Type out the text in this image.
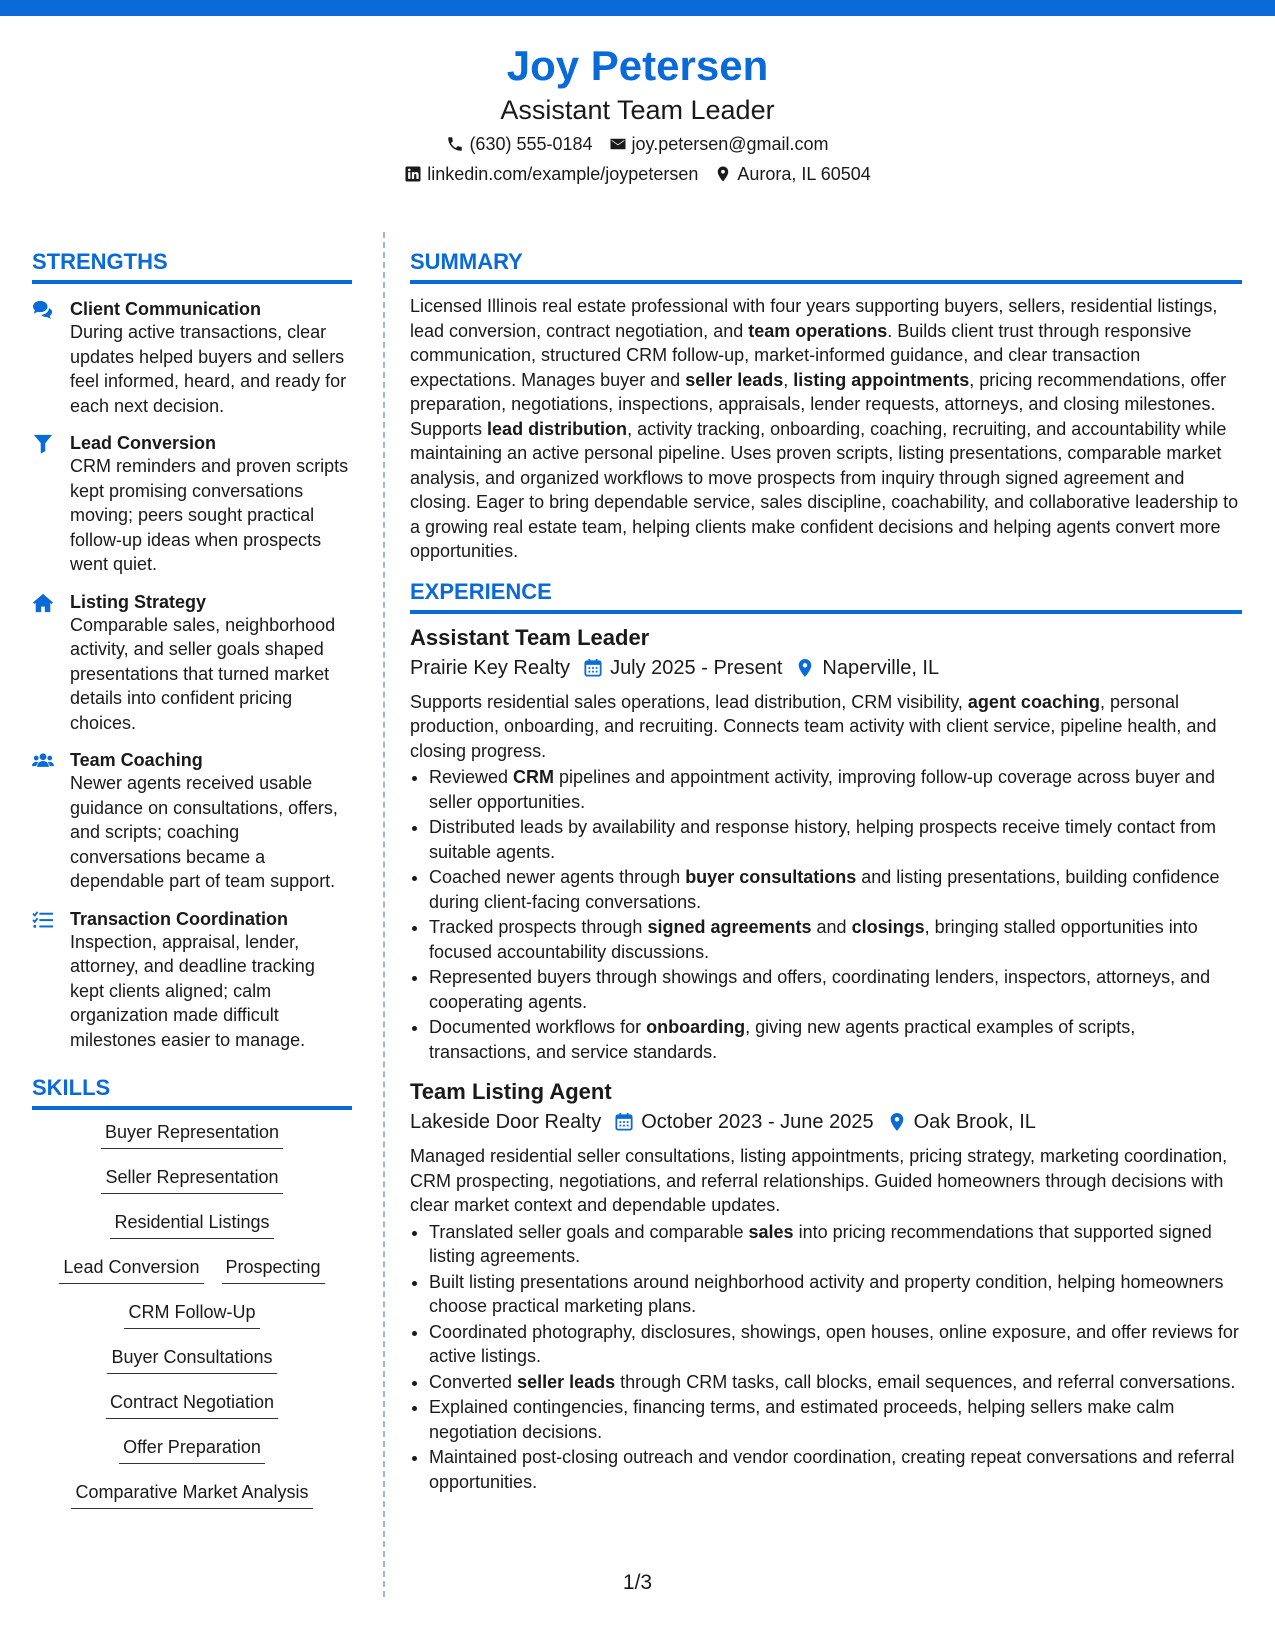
Joy Petersen
Assistant Team Leader
(630) 555-0184 joy.petersen@gmail.com
linkedin.com/example/joypetersen Aurora, IL 60504
STRENGTHS
Client Communication
During active transactions, clear updates helped buyers and sellers feel informed, heard, and ready for each next decision.
Lead Conversion
CRM reminders and proven scripts kept promising conversations moving; peers sought practical follow-up ideas when prospects went quiet.
Listing Strategy
Comparable sales, neighborhood activity, and seller goals shaped presentations that turned market details into confident pricing choices.
Team Coaching
Newer agents received usable guidance on consultations, offers, and scripts; coaching conversations became a dependable part of team support.
Transaction Coordination
Inspection, appraisal, lender, attorney, and deadline tracking kept clients aligned; calm organization made difficult milestones easier to manage.
SKILLS
Buyer Representation
Seller Representation
Residential Listings
Lead Conversion Prospecting
CRM Follow-Up
Buyer Consultations
Contract Negotiation
Offer Preparation
Comparative Market Analysis
SUMMARY
Licensed Illinois real estate professional with four years supporting buyers, sellers, residential listings, lead conversion, contract negotiation, and team operations. Builds client trust through responsive communication, structured CRM follow-up, market-informed guidance, and clear transaction expectations. Manages buyer and seller leads, listing appointments, pricing recommendations, offer preparation, negotiations, inspections, appraisals, lender requests, attorneys, and closing milestones. Supports lead distribution, activity tracking, onboarding, coaching, recruiting, and accountability while maintaining an active personal pipeline. Uses proven scripts, listing presentations, comparable market analysis, and organized workflows to move prospects from inquiry through signed agreement and closing. Eager to bring dependable service, sales discipline, coachability, and collaborative leadership to a growing real estate team, helping clients make confident decisions and helping agents convert more opportunities.
EXPERIENCE
Assistant Team Leader
Prairie Key Realty July 2025 - Present Naperville, IL
Supports residential sales operations, lead distribution, CRM visibility, agent coaching, personal production, onboarding, and recruiting. Connects team activity with client service, pipeline health, and closing progress.
• Reviewed CRM pipelines and appointment activity, improving follow-up coverage across buyer and seller opportunities.
• Distributed leads by availability and response history, helping prospects receive timely contact from suitable agents.
• Coached newer agents through buyer consultations and listing presentations, building confidence during client-facing conversations.
• Tracked prospects through signed agreements and closings, bringing stalled opportunities into focused accountability discussions.
• Represented buyers through showings and offers, coordinating lenders, inspectors, attorneys, and cooperating agents.
• Documented workflows for onboarding, giving new agents practical examples of scripts, transactions, and service standards.
Team Listing Agent
Lakeside Door Realty October 2023 - June 2025 Oak Brook, IL
Managed residential seller consultations, listing appointments, pricing strategy, marketing coordination, CRM prospecting, negotiations, and referral relationships. Guided homeowners through decisions with clear market context and dependable updates.
• Translated seller goals and comparable sales into pricing recommendations that supported signed listing agreements.
• Built listing presentations around neighborhood activity and property condition, helping homeowners choose practical marketing plans.
• Coordinated photography, disclosures, showings, open houses, online exposure, and offer reviews for active listings.
• Converted seller leads through CRM tasks, call blocks, email sequences, and referral conversations.
• Explained contingencies, financing terms, and estimated proceeds, helping sellers make calm negotiation decisions.
• Maintained post-closing outreach and vendor coordination, creating repeat conversations and referral opportunities.
1/3
